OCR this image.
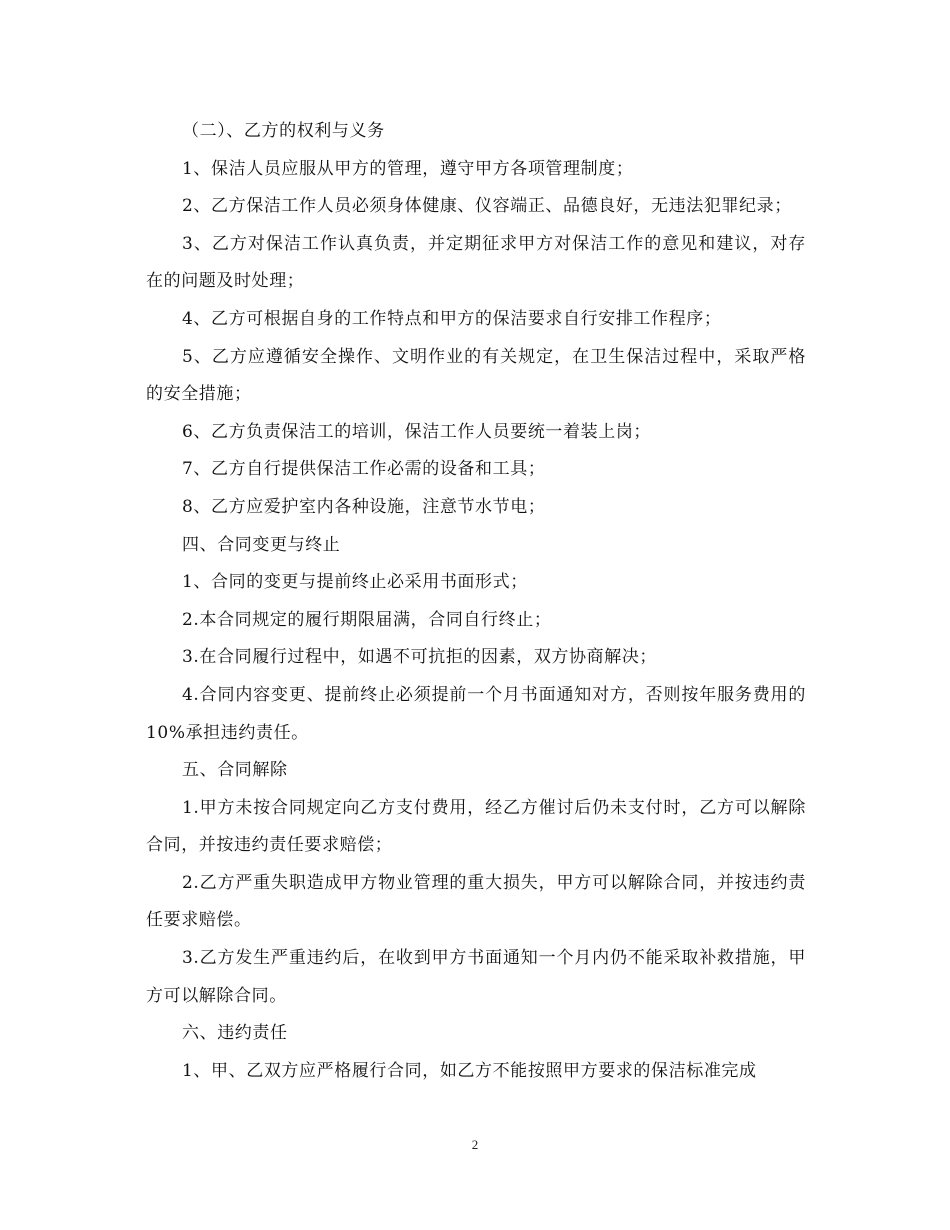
（二）、乙方的权利与义务

1、保洁人员应服从甲方的管理，遵守甲方各项管理制度；

2、乙方保洁工作人员必须身体健康、仪容端正、品德良好，无违法犯罪纪录；

3、乙方对保洁工作认真负责，并定期征求甲方对保洁工作的意见和建议，对存在的问题及时处理；

4、乙方可根据自身的工作特点和甲方的保洁要求自行安排工作程序；

5、乙方应遵循安全操作、文明作业的有关规定，在卫生保洁过程中，采取严格的安全措施；

6、乙方负责保洁工的培训，保洁工作人员要统一着装上岗；

7、乙方自行提供保洁工作必需的设备和工具；

8、乙方应爱护室内各种设施，注意节水节电；

四、合同变更与终止

1、合同的变更与提前终止必采用书面形式；

2.本合同规定的履行期限届满，合同自行终止；

3.在合同履行过程中，如遇不可抗拒的因素，双方协商解决；

4.合同内容变更、提前终止必须提前一个月书面通知对方，否则按年服务费用的10%承担违约责任。

五、合同解除

1.甲方未按合同规定向乙方支付费用，经乙方催讨后仍未支付时，乙方可以解除合同，并按违约责任要求赔偿；

2.乙方严重失职造成甲方物业管理的重大损失，甲方可以解除合同，并按违约责任要求赔偿。

3.乙方发生严重违约后，在收到甲方书面通知一个月内仍不能采取补救措施，甲方可以解除合同。

六、违约责任

1、甲、乙双方应严格履行合同，如乙方不能按照甲方要求的保洁标准完成

2
